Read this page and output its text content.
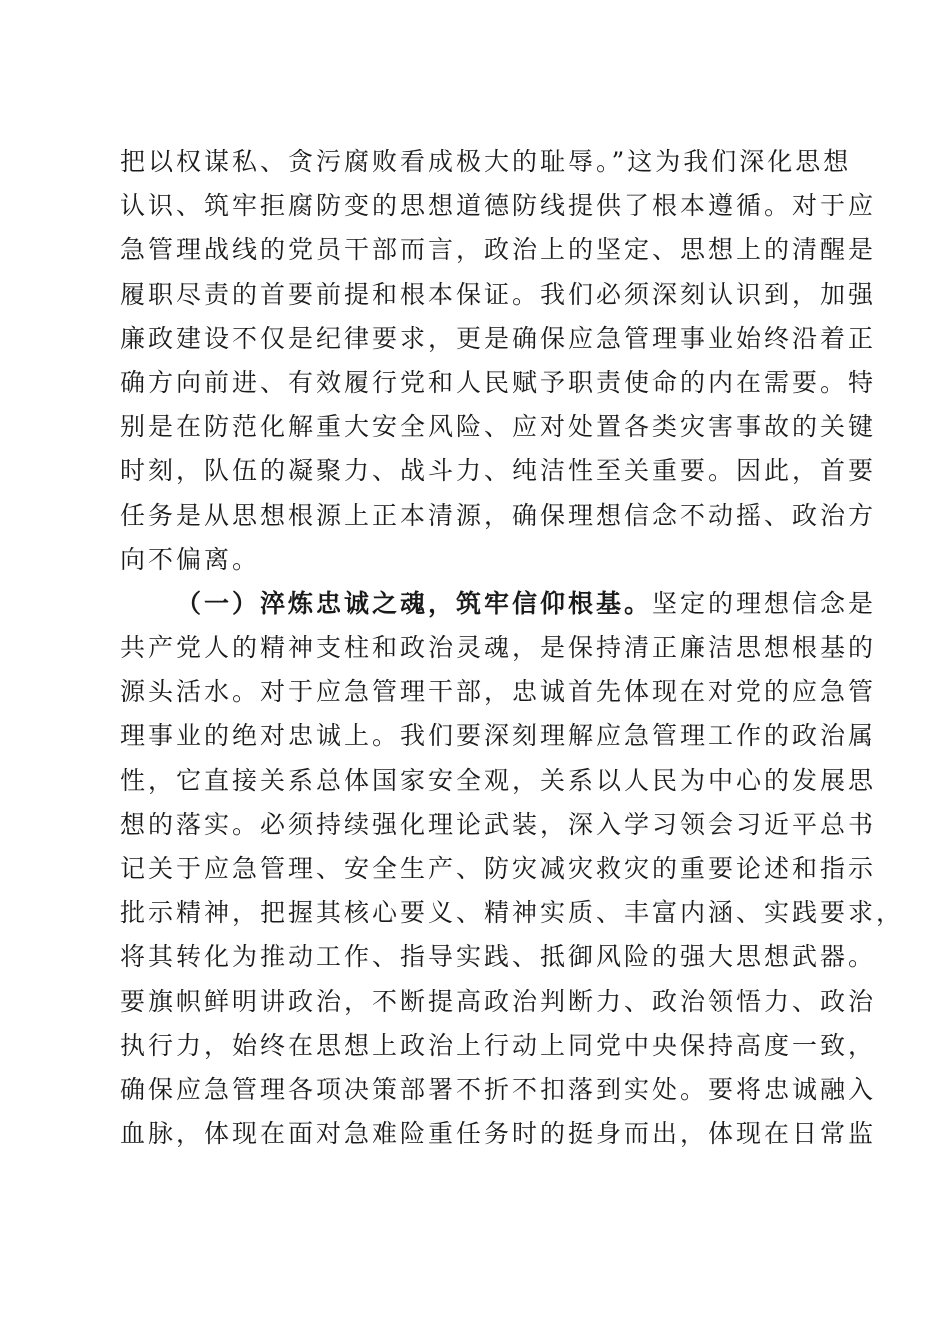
把以权谋私、贪污腐败看成极大的耻辱。”这为我们深化思想
认识、筑牢拒腐防变的思想道德防线提供了根本遵循。对于应
急管理战线的党员干部而言，政治上的坚定、思想上的清醒是
履职尽责的首要前提和根本保证。我们必须深刻认识到，加强
廉政建设不仅是纪律要求，更是确保应急管理事业始终沿着正
确方向前进、有效履行党和人民赋予职责使命的内在需要。特
别是在防范化解重大安全风险、应对处置各类灾害事故的关键
时刻，队伍的凝聚力、战斗力、纯洁性至关重要。因此，首要
任务是从思想根源上正本清源，确保理想信念不动摇、政治方
向不偏离。
（一）淬炼忠诚之魂，筑牢信仰根基。坚定的理想信念是
共产党人的精神支柱和政治灵魂，是保持清正廉洁思想根基的
源头活水。对于应急管理干部，忠诚首先体现在对党的应急管
理事业的绝对忠诚上。我们要深刻理解应急管理工作的政治属
性，它直接关系总体国家安全观，关系以人民为中心的发展思
想的落实。必须持续强化理论武装，深入学习领会习近平总书
记关于应急管理、安全生产、防灾减灾救灾的重要论述和指示
批示精神，把握其核心要义、精神实质、丰富内涵、实践要求，
将其转化为推动工作、指导实践、抵御风险的强大思想武器。
要旗帜鲜明讲政治，不断提高政治判断力、政治领悟力、政治
执行力，始终在思想上政治上行动上同党中央保持高度一致，
确保应急管理各项决策部署不折不扣落到实处。要将忠诚融入
血脉，体现在面对急难险重任务时的挺身而出，体现在日常监
